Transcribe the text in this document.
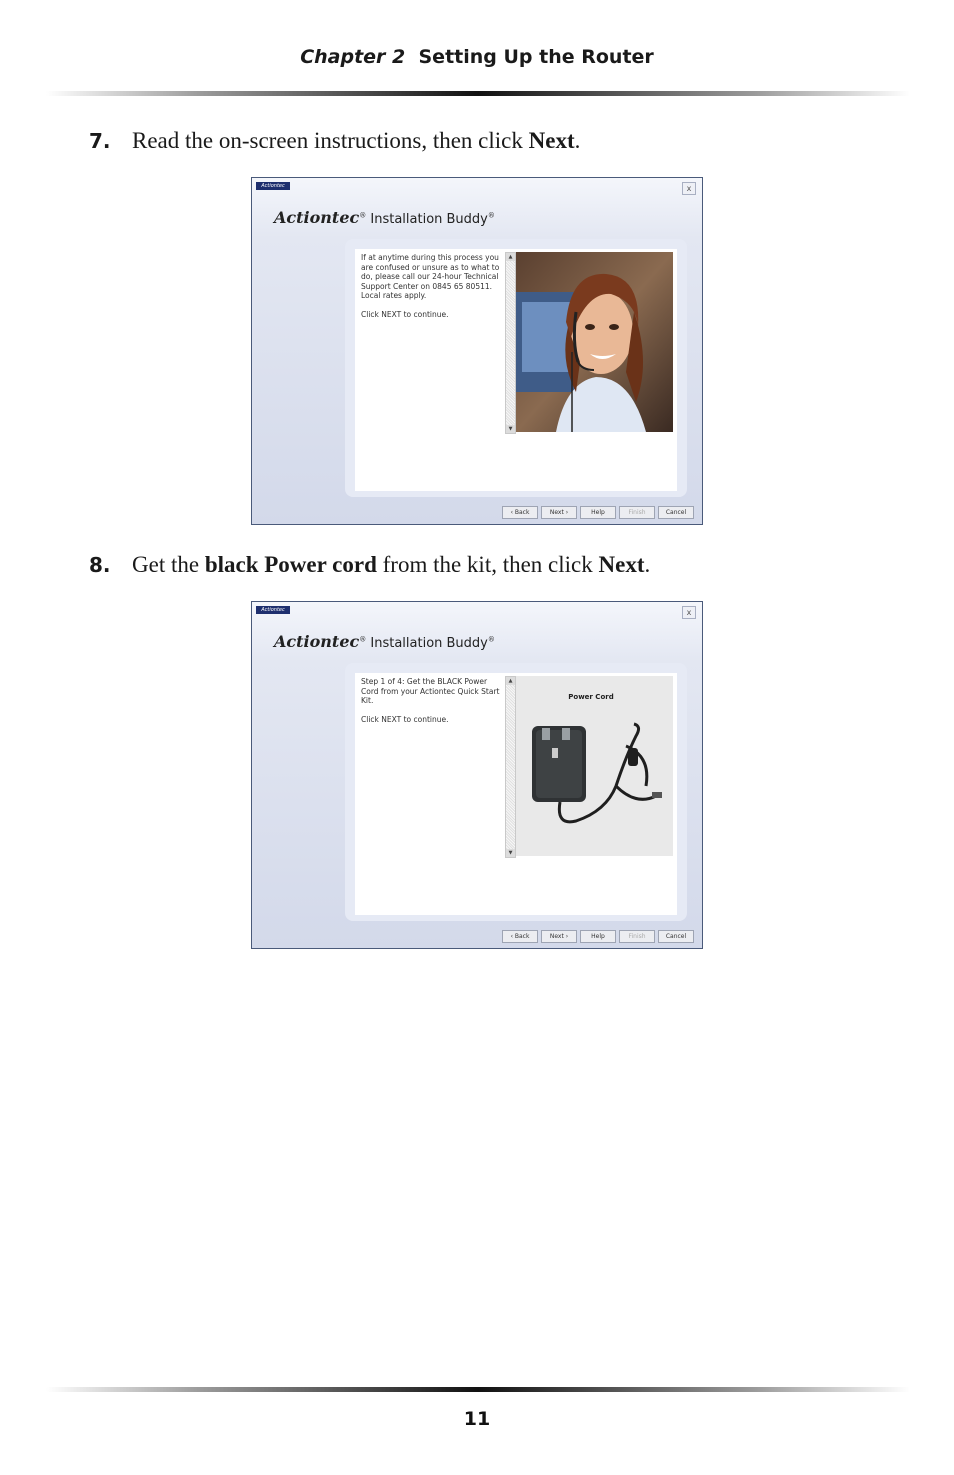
Chapter 2 Setting Up the Router
7. Read the on-screen instructions, then click Next.
Actiontec	x
Actiontec® Installation Buddy®

If at anytime during this process you are confused or unsure as to what to do, please call our 24-hour Technical Support Center on 0845 65 80511. Local rates apply.

Click NEXT to continue.

▲
▼
‹ Back	Next ›	Help	Finish	Cancel
8. Get the black Power cord from the kit, then click Next.
Actiontec	x
Actiontec® Installation Buddy®

Step 1 of 4: Get the BLACK Power Cord from your Actiontec Quick Start Kit.

Click NEXT to continue.

▲
▼
Power Cord
‹ Back	Next ›	Help	Finish	Cancel
11
